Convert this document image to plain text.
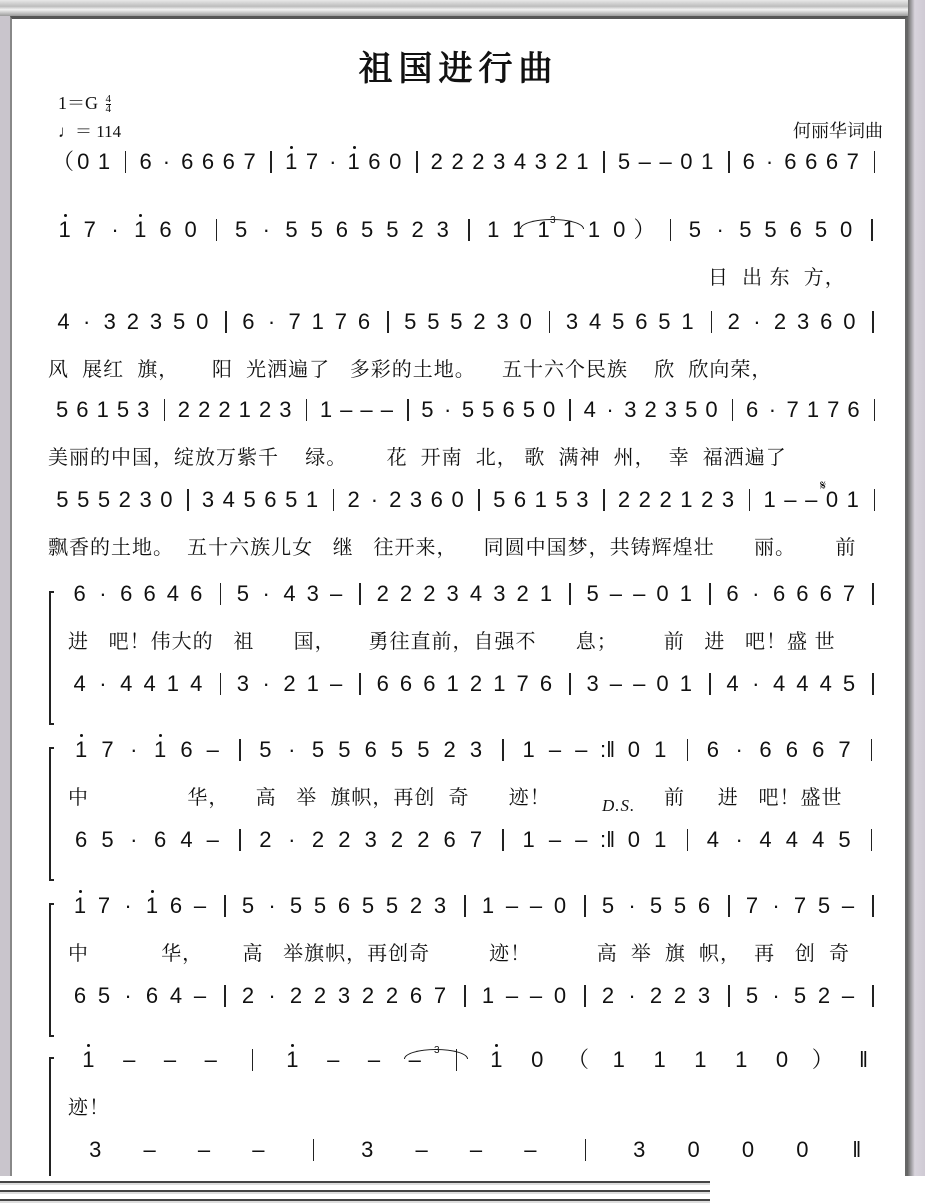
祖国进行曲
$1=G \frac{4}{4}$
♩＝ 114	何丽华词曲
（ 0 1 6 · 6 6 6 7 1 7 · 1 6 0 2 2 2 3 4 3 2 1 5 – – 0 1 6 · 6 6 6 7
1 7 · 1 6 0 5 · 5 5 6 5 5 2 3 1 1 1 1 1 0 ） 5 · 5 5 6 5 0
4 · 3 2 3 5 0 6 · 7 1 7 6 5 5 5 2 3 0 3 4 5 6 5 1 2 · 2 3 6 0
5 6 1 5 3 2 2 2 1 2 3 1 – – – 5 · 5 5 6 5 0 4 · 3 2 3 5 0 6 · 7 1 7 6
5 5 5 2 3 0 3 4 5 6 5 1 2 · 2 3 6 0 5 6 1 5 3 2 2 2 1 2 3 1 – – 0 1
6 · 6 6 4 6 5 · 4 3 – 2 2 2 3 4 3 2 1 5 – – 0 1 6 · 6 6 6 7
4 · 4 4 1 4 3 · 2 1 – 6 6 6 1 2 1 7 6 3 – – 0 1 4 · 4 4 4 5
1 7 · 1 6 –	5 · 5 5 6 5 5 2 3	1 – – :‖ 0 1	6 · 6 6 6 7
6 5 · 6 4 –	2 · 2 2 3 2 2 6 7	1 – – :‖ 0 1	4 · 4 4 4 5
1 7 · 1 6 – 5 · 5 5 6 5 5 2 3 1 – – 0 5 · 5 5 6 7 · 7 5 –
6 5 · 6 4 – 2 · 2 2 3 2 2 6 7 1 – – 0 2 · 2 2 3 5 · 5 2 –
1	–	–	–	1	–	–	–	1	0	（	1	1	1	1	0	）	‖
3	–	–	–	3	–	–	–	3	0	0	0	‖
日  出 东  方，
风  展红  旗，     阳  光洒遍了   多彩的土地。    五十六个民族    欣  欣向荣，
美丽的中国，绽放万紫千    绿。      花  开南  北， 歌  满神  州，  幸  福洒遍了
飘香的土地。  五十六族儿女   继   往开来，    同圆中国梦，共铸辉煌壮      丽。      前
进   吧！伟大的   祖      国，     勇往直前，自强不      息；       前   进   吧！盛 世
中               华，    高   举  旗帜，再创  奇      迹！	前     进   吧！盛世
中           华，      高   举旗帜，再创奇         迹！          高  举  旗  帜，  再   创  奇
迹！
D.S.
𝄋
3
3
